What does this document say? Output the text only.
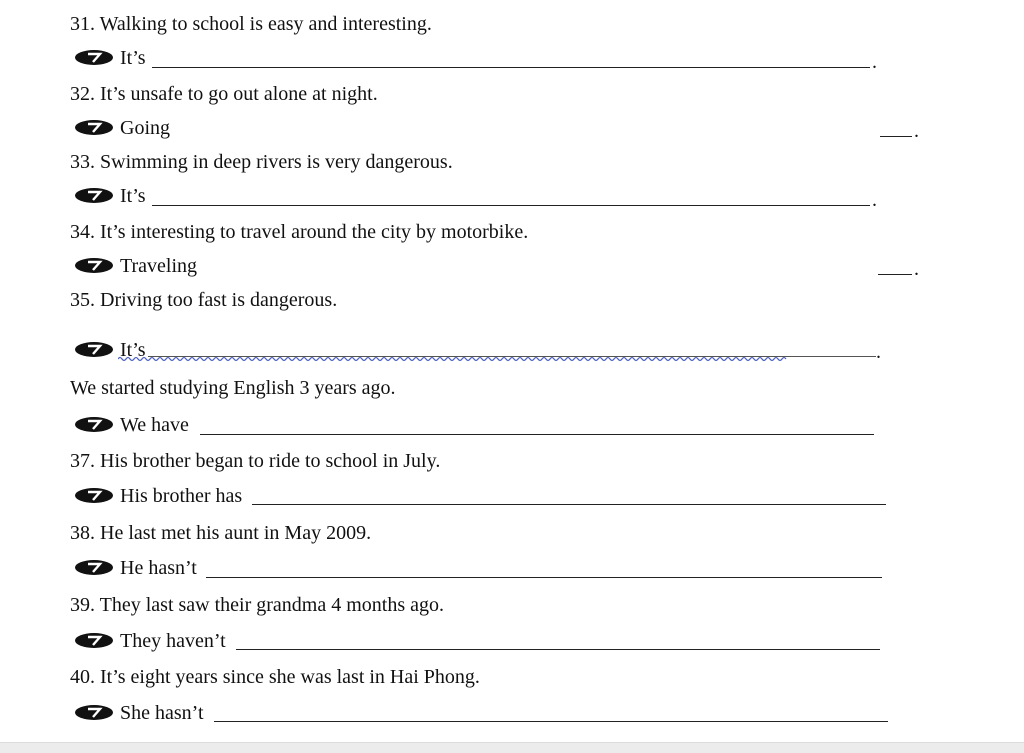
31. Walking to school is easy and interesting.
It’s	.
32. It’s unsafe to go out alone at night.
Going	.
33. Swimming in deep rivers is very dangerous.
It’s	.
34. It’s interesting to travel around the city by motorbike.
Traveling	.
35. Driving too fast is dangerous.
It’s	.
We started studying English 3 years ago.
We have
37. His brother began to ride to school in July.
His brother has
38. He last met his aunt in May 2009.
He hasn’t
39. They last saw their grandma 4 months ago.
They haven’t
40. It’s eight years since she was last in Hai Phong.
She hasn’t
